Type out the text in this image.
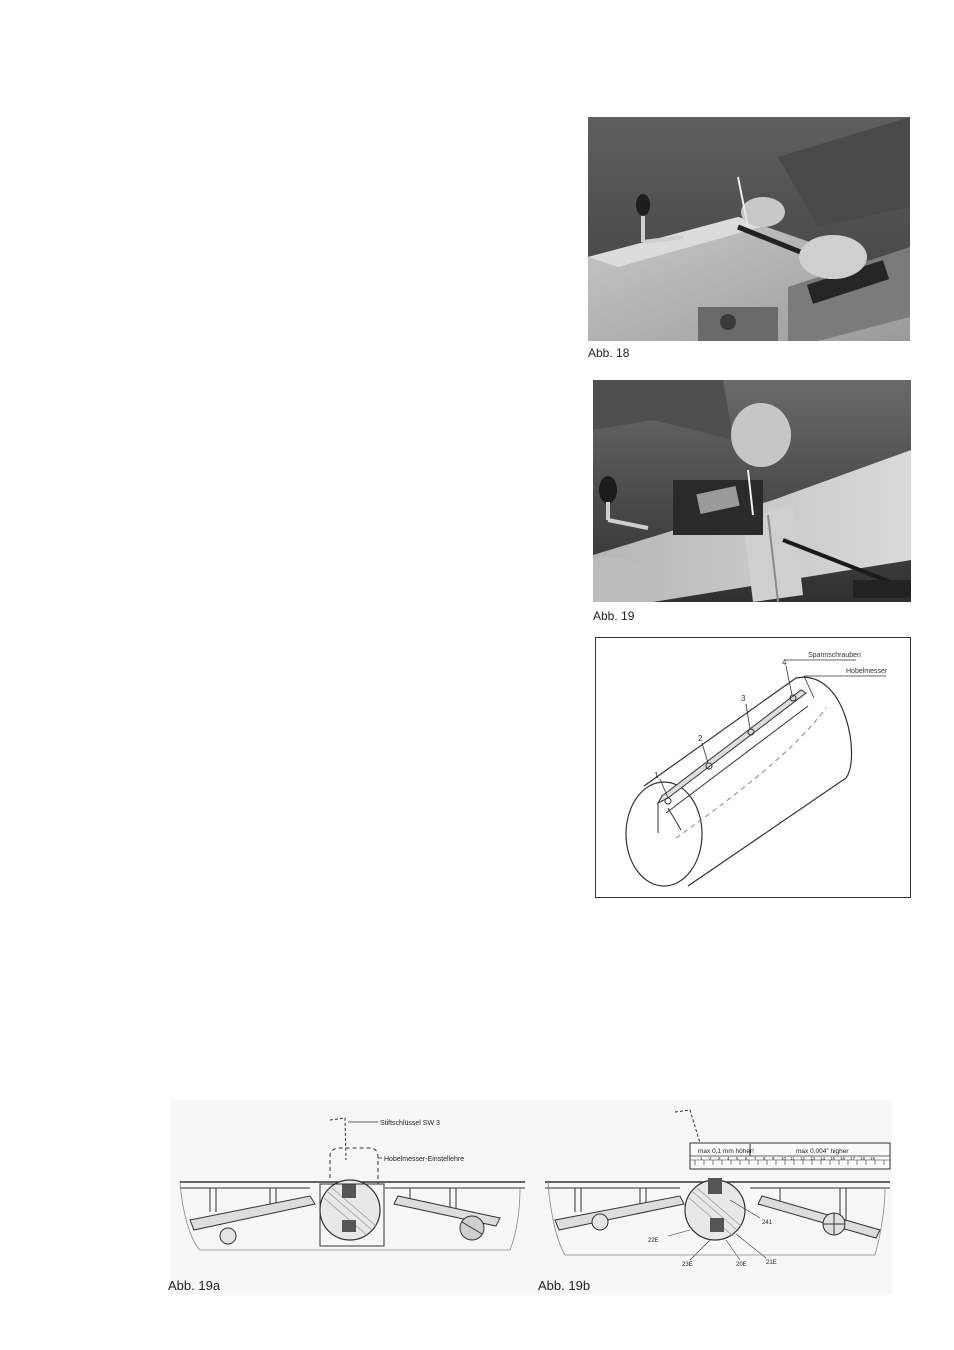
Abb. 18
Abb. 19
1
2
3
4
Spannschrauben
Hobelmesser
Stiftschlüssel SW 3
Hobelmesser-Einstellehre
max 0,1 mm höher!	max 0,004" higher
1 2 3 4 5 6 7 8 9 10 11 12 13 14 15 16 17 18 19
241
22E
23E	20E	21E
Abb. 19a	Abb. 19b
